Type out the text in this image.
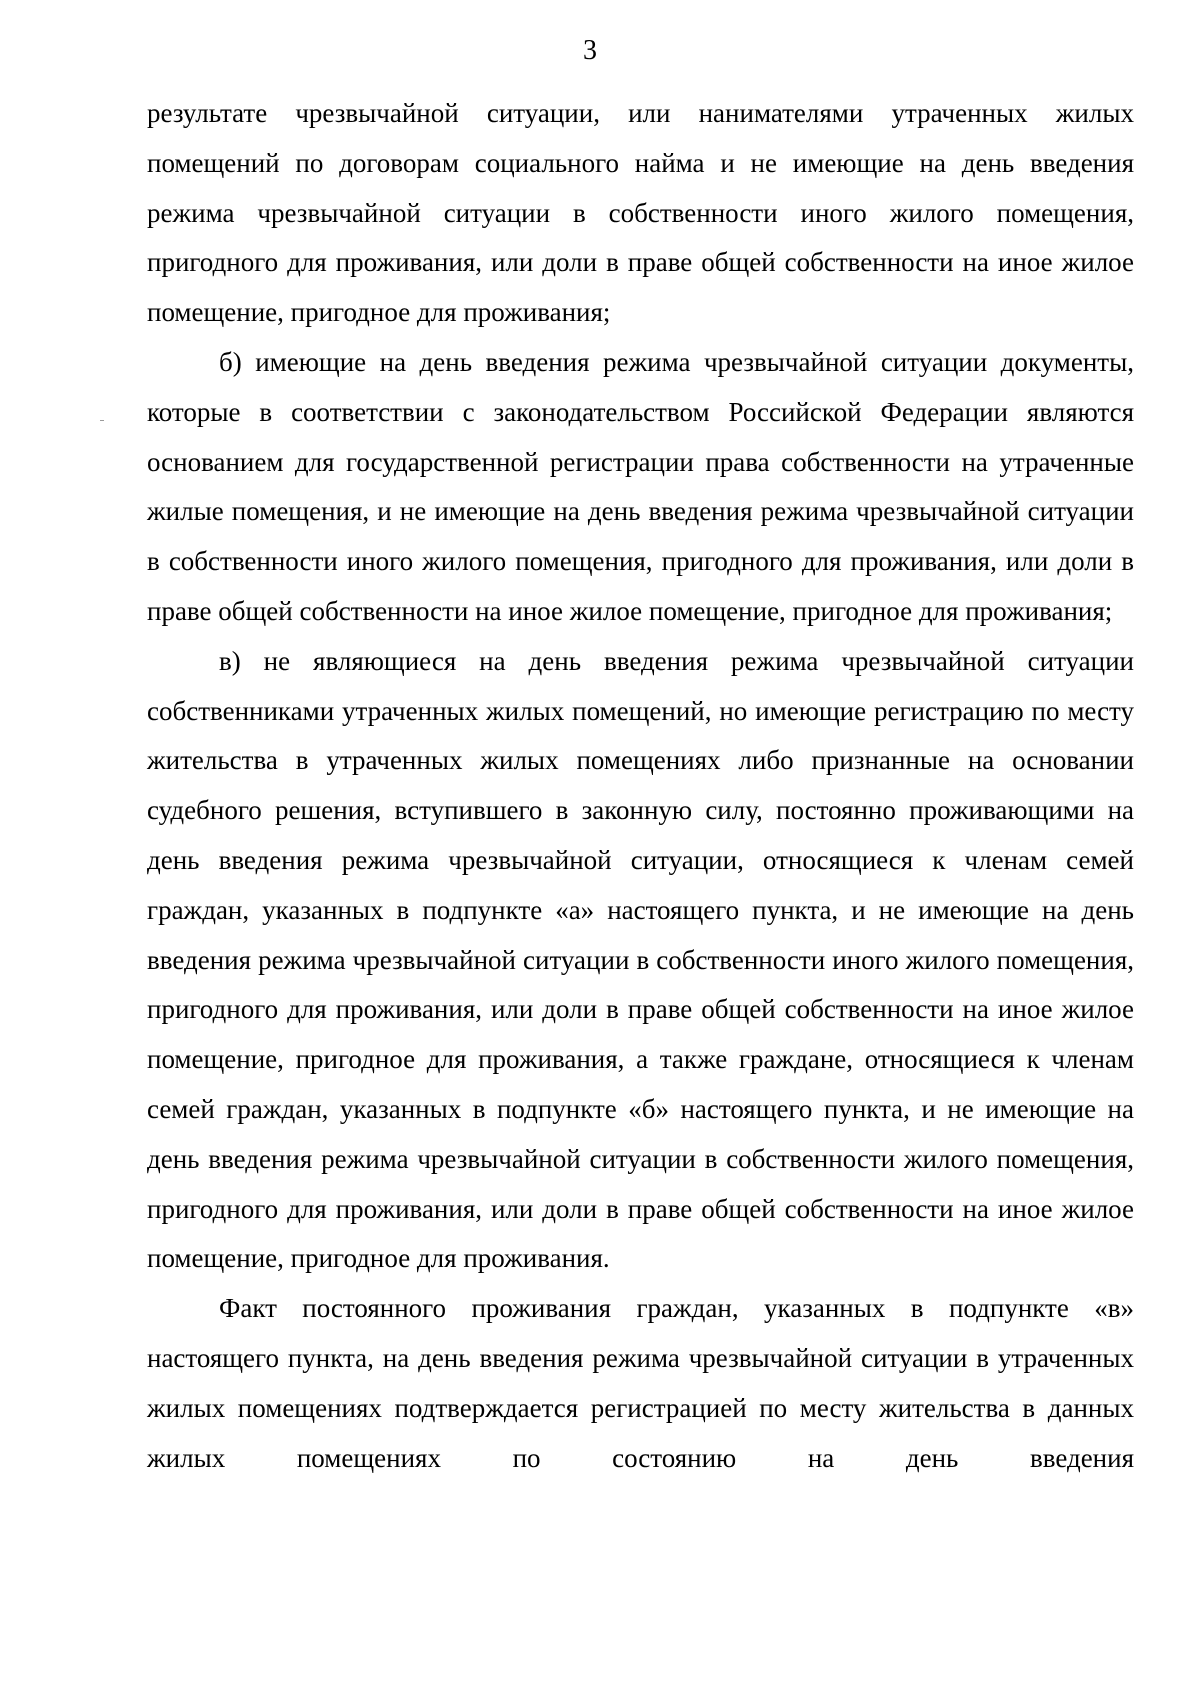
3

результате чрезвычайной ситуации, или нанимателями утраченных жилых помещений по договорам социального найма и не имеющие на день введения режима чрезвычайной ситуации в собственности иного жилого помещения, пригодного для проживания, или доли в праве общей собственности на иное жилое помещение, пригодное для проживания;

б) имеющие на день введения режима чрезвычайной ситуации документы, которые в соответствии с законодательством Российской Федерации являются основанием для государственной регистрации права собственности на утраченные жилые помещения, и не имеющие на день введения режима чрезвычайной ситуации в собственности иного жилого помещения, пригодного для проживания, или доли в праве общей собственности на иное жилое помещение, пригодное для проживания;

в) не являющиеся на день введения режима чрезвычайной ситуации собственниками утраченных жилых помещений, но имеющие регистрацию по месту жительства в утраченных жилых помещениях либо признанные на основании судебного решения, вступившего в законную силу, постоянно проживающими на день введения режима чрезвычайной ситуации, относящиеся к членам семей граждан, указанных в подпункте «а» настоящего пункта, и не имеющие на день введения режима чрезвычайной ситуации в собственности иного жилого помещения, пригодного для проживания, или доли в праве общей собственности на иное жилое помещение, пригодное для проживания, а также граждане, относящиеся к членам семей граждан, указанных в подпункте «б» настоящего пункта, и не имеющие на день введения режима чрезвычайной ситуации в собственности жилого помещения, пригодного для проживания, или доли в праве общей собственности на иное жилое помещение, пригодное для проживания.

Факт постоянного проживания граждан, указанных в подпункте «в» настоящего пункта, на день введения режима чрезвычайной ситуации в утраченных жилых помещениях подтверждается регистрацией по месту жительства в данных жилых помещениях по состоянию на день введения
